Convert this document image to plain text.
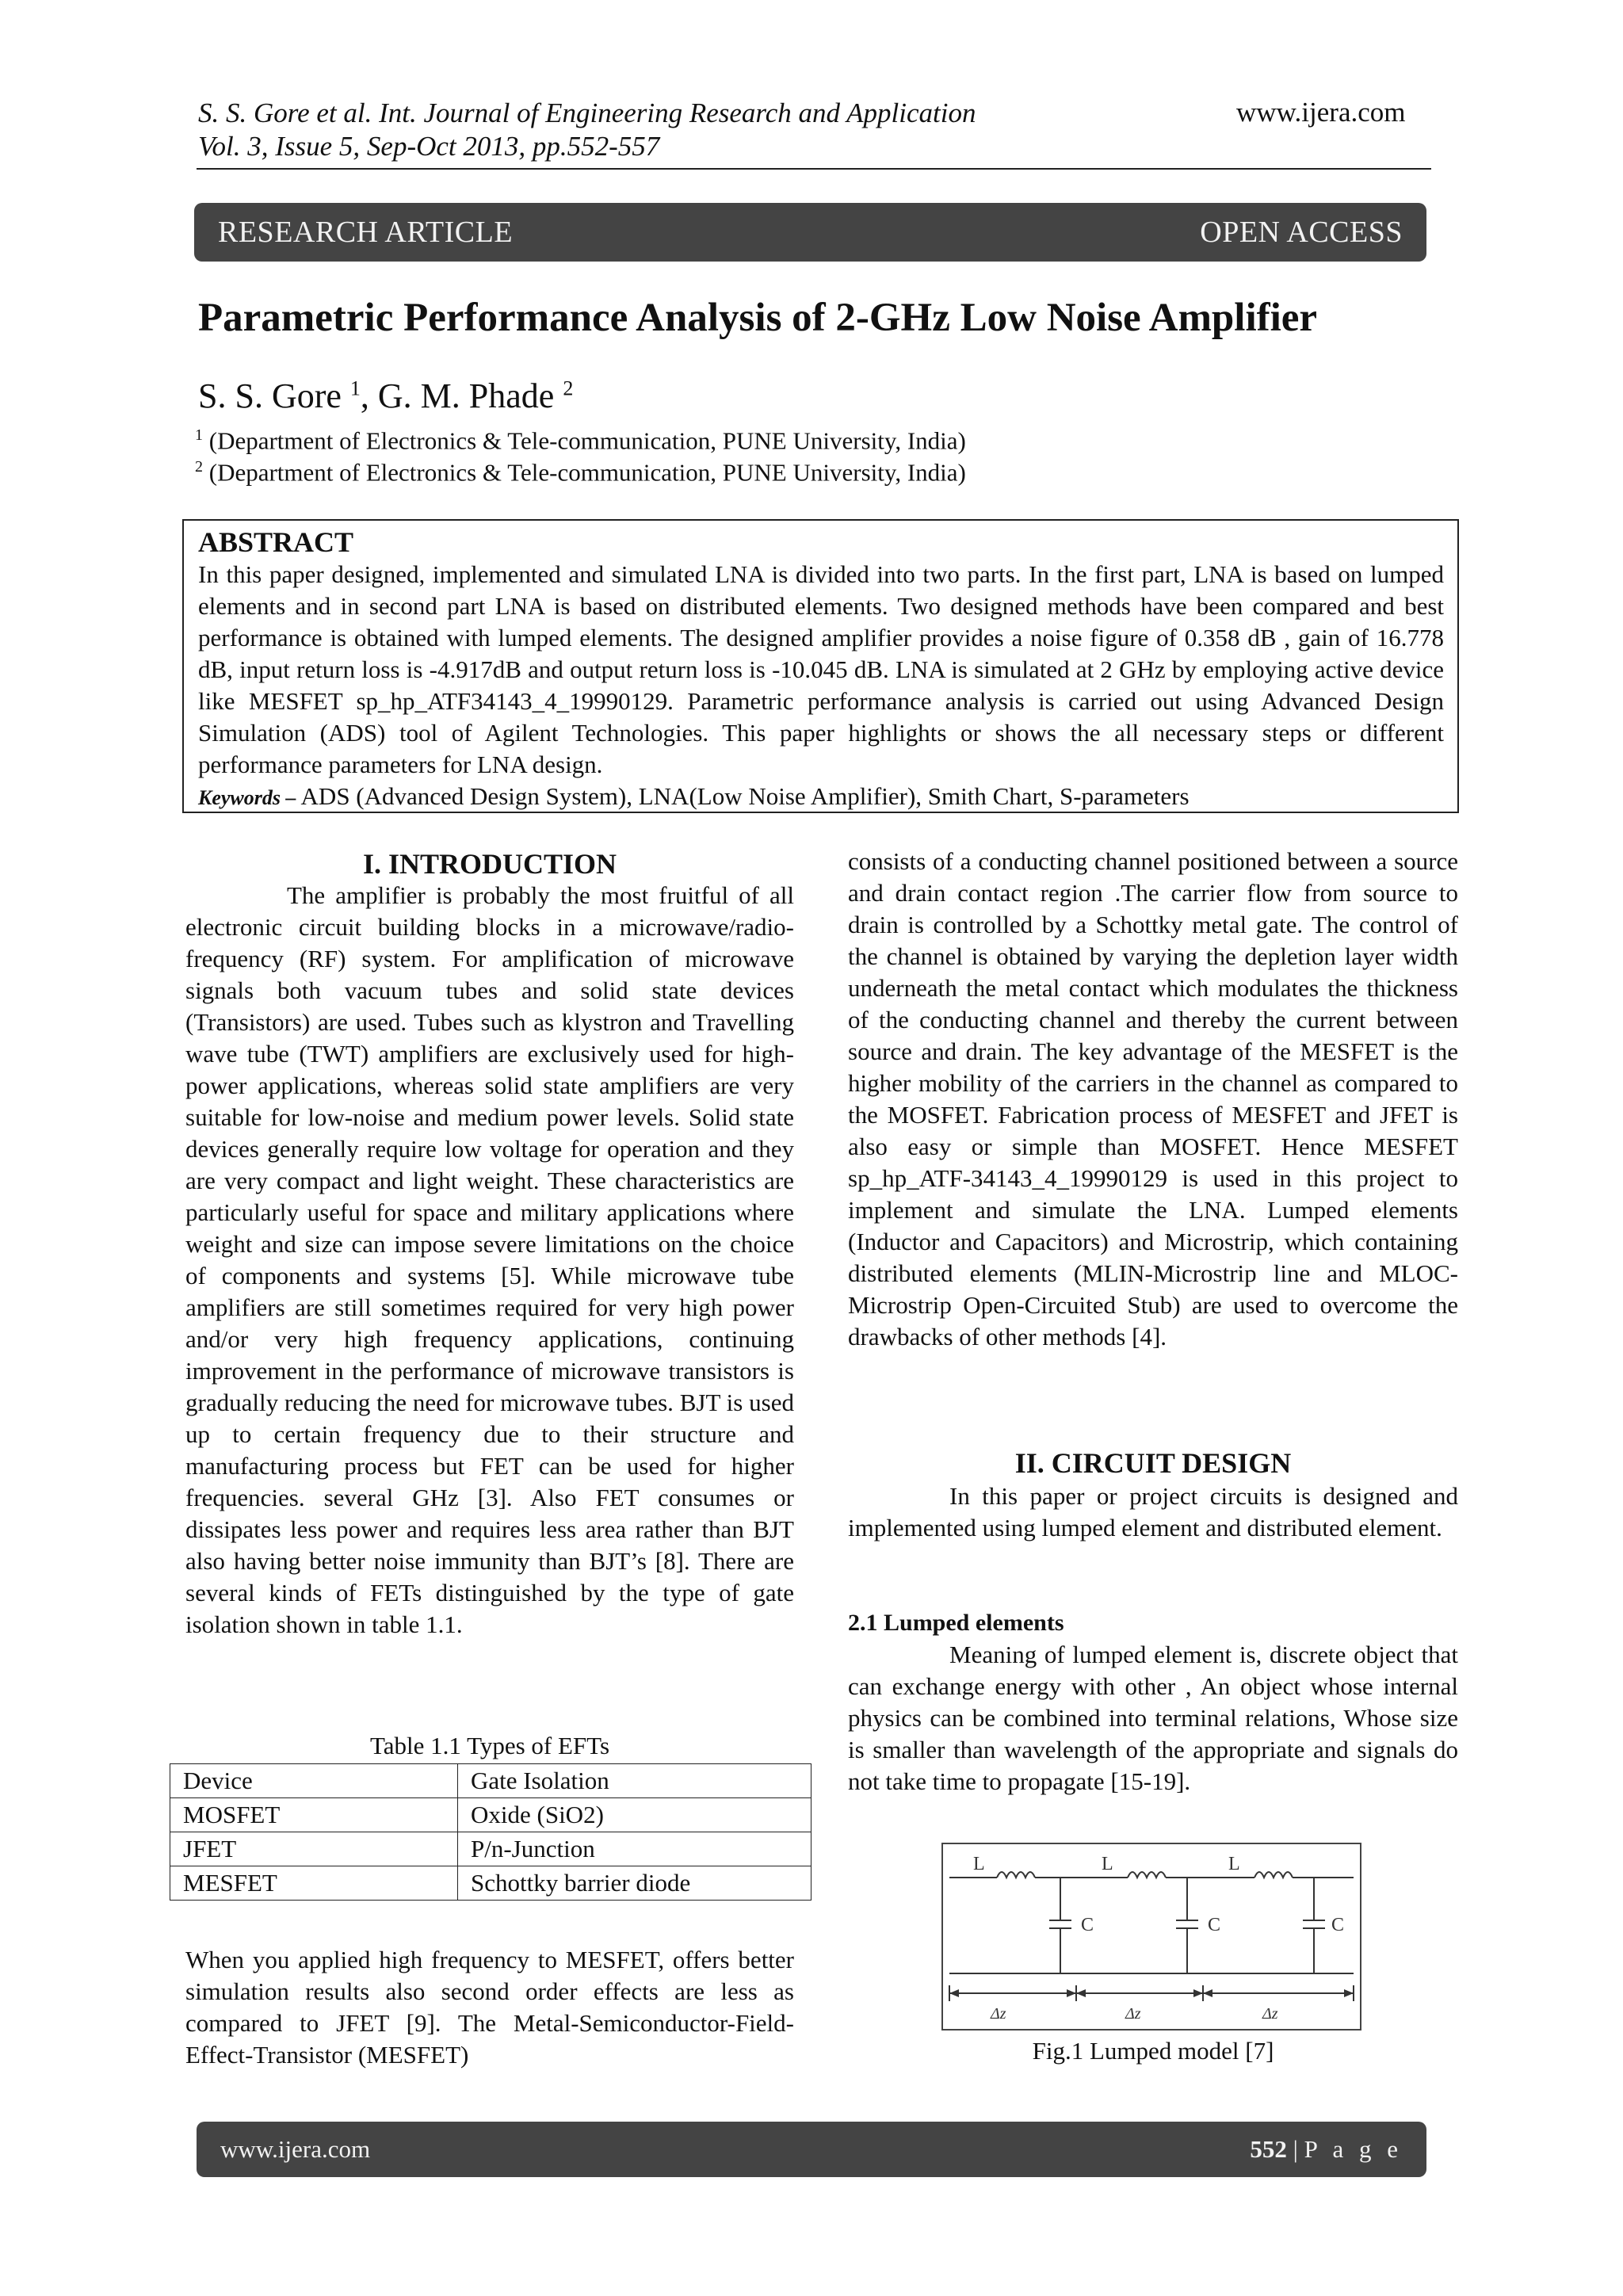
S. S. Gore et al. Int. Journal of Engineering Research and Application
Vol. 3, Issue 5, Sep-Oct 2013, pp.552-557
www.ijera.com
RESEARCH ARTICLE	OPEN ACCESS
Parametric Performance Analysis of 2-GHz Low Noise Amplifier
S. S. Gore $^1$, G. M. Phade $^2$
$^1$ (Department of Electronics & Tele-communication, PUNE University, India)
$^2$ (Department of Electronics & Tele-communication, PUNE University, India)
ABSTRACT
In this paper designed, implemented and simulated LNA is divided into two parts. In the first part, LNA is based on lumped elements and in second part LNA is based on distributed elements. Two designed methods have been compared and best performance is obtained with lumped elements. The designed amplifier provides a noise figure of 0.358 dB , gain of 16.778 dB, input return loss is -4.917dB and output return loss is -10.045 dB. LNA is simulated at 2 GHz by employing active device like MESFET sp_hp_ATF34143_4_19990129. Parametric performance analysis is carried out using Advanced Design Simulation (ADS) tool of Agilent Technologies. This paper highlights or shows the all necessary steps or different performance parameters for LNA design.
Keywords – ADS (Advanced Design System), LNA(Low Noise Amplifier), Smith Chart, S-parameters
I. INTRODUCTION
The amplifier is probably the most fruitful of all electronic circuit building blocks in a microwave/radio-frequency (RF) system. For amplification of microwave signals both vacuum tubes and solid state devices (Transistors) are used. Tubes such as klystron and Travelling wave tube (TWT) amplifiers are exclusively used for high-power applications, whereas solid state amplifiers are very suitable for low-noise and medium power levels. Solid state devices generally require low voltage for operation and they are very compact and light weight. These characteristics are particularly useful for space and military applications where weight and size can impose severe limitations on the choice of components and systems [5]. While microwave tube amplifiers are still sometimes required for very high power and/or very high frequency applications, continuing improvement in the performance of microwave transistors is gradually reducing the need for microwave tubes. BJT is used up to certain frequency due to their structure and manufacturing process but FET can be used for higher frequencies. several GHz [3]. Also FET consumes or dissipates less power and requires less area rather than BJT also having better noise immunity than BJT’s [8]. There are several kinds of FETs distinguished by the type of gate isolation shown in table 1.1.
Table 1.1 Types of EFTs
Device	Gate Isolation
MOSFET	Oxide (SiO2)
JFET	P/n-Junction
MESFET	Schottky barrier diode
When you applied high frequency to MESFET, offers better simulation results also second order effects are less as compared to JFET [9]. The Metal-Semiconductor-Field-Effect-Transistor (MESFET)
consists of a conducting channel positioned between a source and drain contact region .The carrier flow from source to drain is controlled by a Schottky metal gate. The control of the channel is obtained by varying the depletion layer width underneath the metal contact which modulates the thickness of the conducting channel and thereby the current between source and drain. The key advantage of the MESFET is the higher mobility of the carriers in the channel as compared to the MOSFET. Fabrication process of MESFET and JFET is also easy or simple than MOSFET. Hence MESFET sp_hp_ATF-34143_4_19990129 is used in this project to implement and simulate the LNA. Lumped elements (Inductor and Capacitors) and Microstrip, which containing distributed elements (MLIN-Microstrip line and MLOC- Microstrip Open-Circuited Stub) are used to overcome the drawbacks of other methods [4].
II. CIRCUIT DESIGN
In this paper or project circuits is designed and implemented using lumped element and distributed element.
2.1 Lumped elements
Meaning of lumped element is, discrete object that can exchange energy with other , An object whose internal physics can be combined into terminal relations, Whose size is smaller than wavelength of the appropriate and signals do not take time to propagate [15-19].
L	L	L
C	C	C
Δz	Δz	Δz
Fig.1 Lumped model [7]
www.ijera.com	552 | P a g e
